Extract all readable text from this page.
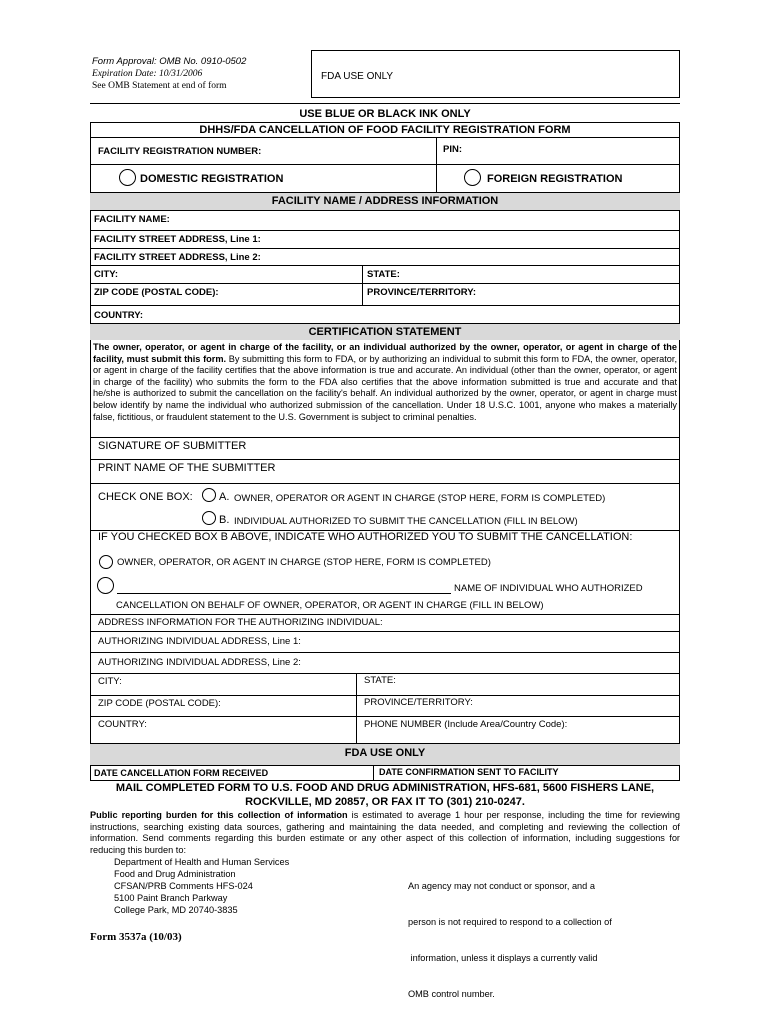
Form Approval: OMB No. 0910-0502
Expiration Date: 10/31/2006
See OMB Statement at end of form
FDA USE ONLY
USE BLUE OR BLACK INK ONLY
DHHS/FDA CANCELLATION OF FOOD FACILITY REGISTRATION FORM
FACILITY REGISTRATION NUMBER:	PIN:
DOMESTIC REGISTRATION	FOREIGN REGISTRATION
FACILITY NAME / ADDRESS INFORMATION
FACILITY NAME:
FACILITY STREET ADDRESS, Line 1:
FACILITY STREET ADDRESS, Line 2:
CITY:	STATE:
ZIP CODE (POSTAL CODE):	PROVINCE/TERRITORY:
COUNTRY:
CERTIFICATION STATEMENT
The owner, operator, or agent in charge of the facility, or an individual authorized by the owner, operator, or agent in charge of the facility, must submit this form. By submitting this form to FDA, or by authorizing an individual to submit this form to FDA, the owner, operator, or agent in charge of the facility certifies that the above information is true and accurate. An individual (other than the owner, operator, or agent in charge of the facility) who submits the form to the FDA also certifies that the above information submitted is true and accurate and that he/she is authorized to submit the cancellation on the facility's behalf. An individual authorized by the owner, operator, or agent in charge must below identify by name the individual who authorized submission of the cancellation. Under 18 U.S.C. 1001, anyone who makes a materially false, fictitious, or fraudulent statement to the U.S. Government is subject to criminal penalties.
SIGNATURE OF SUBMITTER
PRINT NAME OF THE SUBMITTER
CHECK ONE BOX: A. OWNER, OPERATOR OR AGENT IN CHARGE (STOP HERE, FORM IS COMPLETED)
B. INDIVIDUAL AUTHORIZED TO SUBMIT THE CANCELLATION (FILL IN BELOW)
IF YOU CHECKED BOX B ABOVE, INDICATE WHO AUTHORIZED YOU TO SUBMIT THE CANCELLATION:
OWNER, OPERATOR, OR AGENT IN CHARGE (STOP HERE, FORM IS COMPLETED)
NAME OF INDIVIDUAL WHO AUTHORIZED
CANCELLATION ON BEHALF OF OWNER, OPERATOR, OR AGENT IN CHARGE (FILL IN BELOW)
ADDRESS INFORMATION FOR THE AUTHORIZING INDIVIDUAL:
AUTHORIZING INDIVIDUAL ADDRESS, Line 1:
AUTHORIZING INDIVIDUAL ADDRESS, Line 2:
CITY:	STATE:
ZIP CODE (POSTAL CODE):	PROVINCE/TERRITORY:
COUNTRY:	PHONE NUMBER (Include Area/Country Code):
FDA USE ONLY
DATE CANCELLATION FORM RECEIVED	DATE CONFIRMATION SENT TO FACILITY
MAIL COMPLETED FORM TO U.S. FOOD AND DRUG ADMINISTRATION, HFS-681, 5600 FISHERS LANE,
ROCKVILLE, MD 20857, OR FAX IT TO (301) 210-0247.
Public reporting burden for this collection of information is estimated to average 1 hour per response, including the time for reviewing instructions, searching existing data sources, gathering and maintaining the data needed, and completing and reviewing the collection of information. Send comments regarding this burden estimate or any other aspect of this collection of information, including suggestions for reducing this burden to:
Department of Health and Human Services
Food and Drug Administration
CFSAN/PRB Comments HFS-024
5100 Paint Branch Parkway
College Park, MD 20740-3835

An agency may not conduct or sponsor, and a

person is not required to respond to a collection of

information, unless it displays a currently valid

OMB control number.

Form 3537a (10/03)
